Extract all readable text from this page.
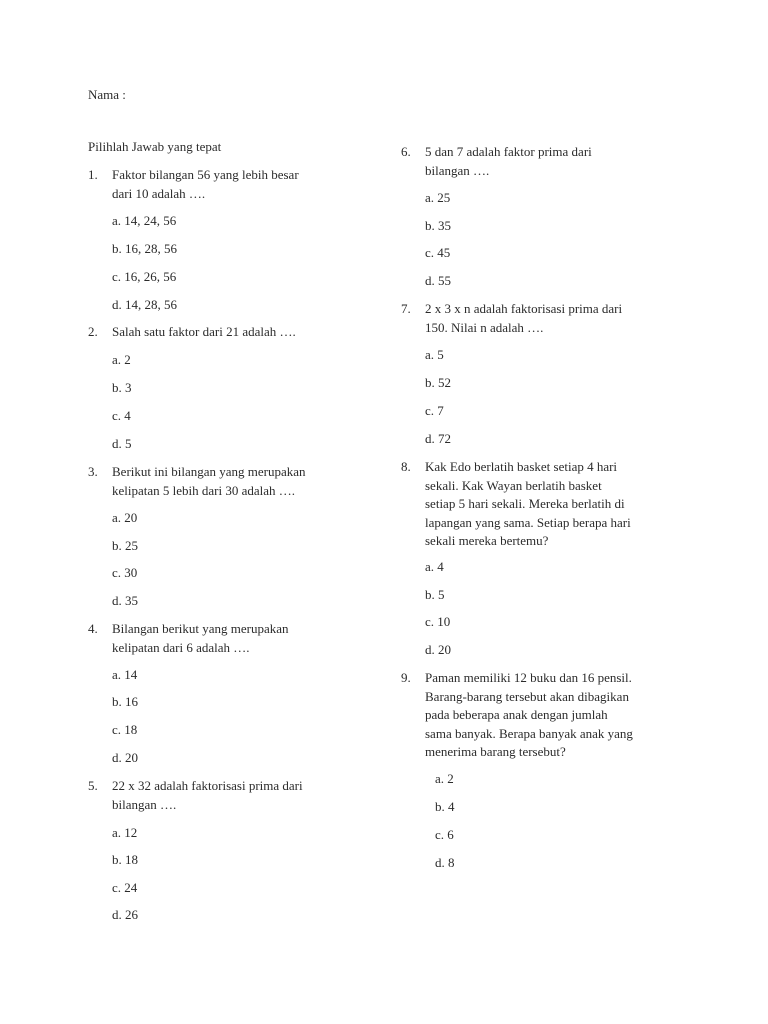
Nama :
Pilihlah Jawab yang tepat
1. Faktor bilangan 56 yang lebih besar
dari 10 adalah ….
a. 14, 24, 56
b. 16, 28, 56
c. 16, 26, 56
d. 14, 28, 56
2. Salah satu faktor dari 21 adalah ….
a. 2
b. 3
c. 4
d. 5
3. Berikut ini bilangan yang merupakan
kelipatan 5 lebih dari 30 adalah ….
a. 20
b. 25
c. 30
d. 35
4. Bilangan berikut yang merupakan
kelipatan dari 6 adalah ….
a. 14
b. 16
c. 18
d. 20
5. 22 x 32 adalah faktorisasi prima dari
bilangan ….
a. 12
b. 18
c. 24
d. 26
6. 5 dan 7 adalah faktor prima dari
bilangan ….
a. 25
b. 35
c. 45
d. 55
7. 2 x 3 x n adalah faktorisasi prima dari
150. Nilai n adalah ….
a. 5
b. 52
c. 7
d. 72
8. Kak Edo berlatih basket setiap 4 hari
sekali. Kak Wayan berlatih basket
setiap 5 hari sekali. Mereka berlatih di
lapangan yang sama. Setiap berapa hari
sekali mereka bertemu?
a. 4
b. 5
c. 10
d. 20
9. Paman memiliki 12 buku dan 16 pensil.
Barang-barang tersebut akan dibagikan
pada beberapa anak dengan jumlah
sama banyak. Berapa banyak anak yang
menerima barang tersebut?
a. 2
b. 4
c. 6
d. 8
